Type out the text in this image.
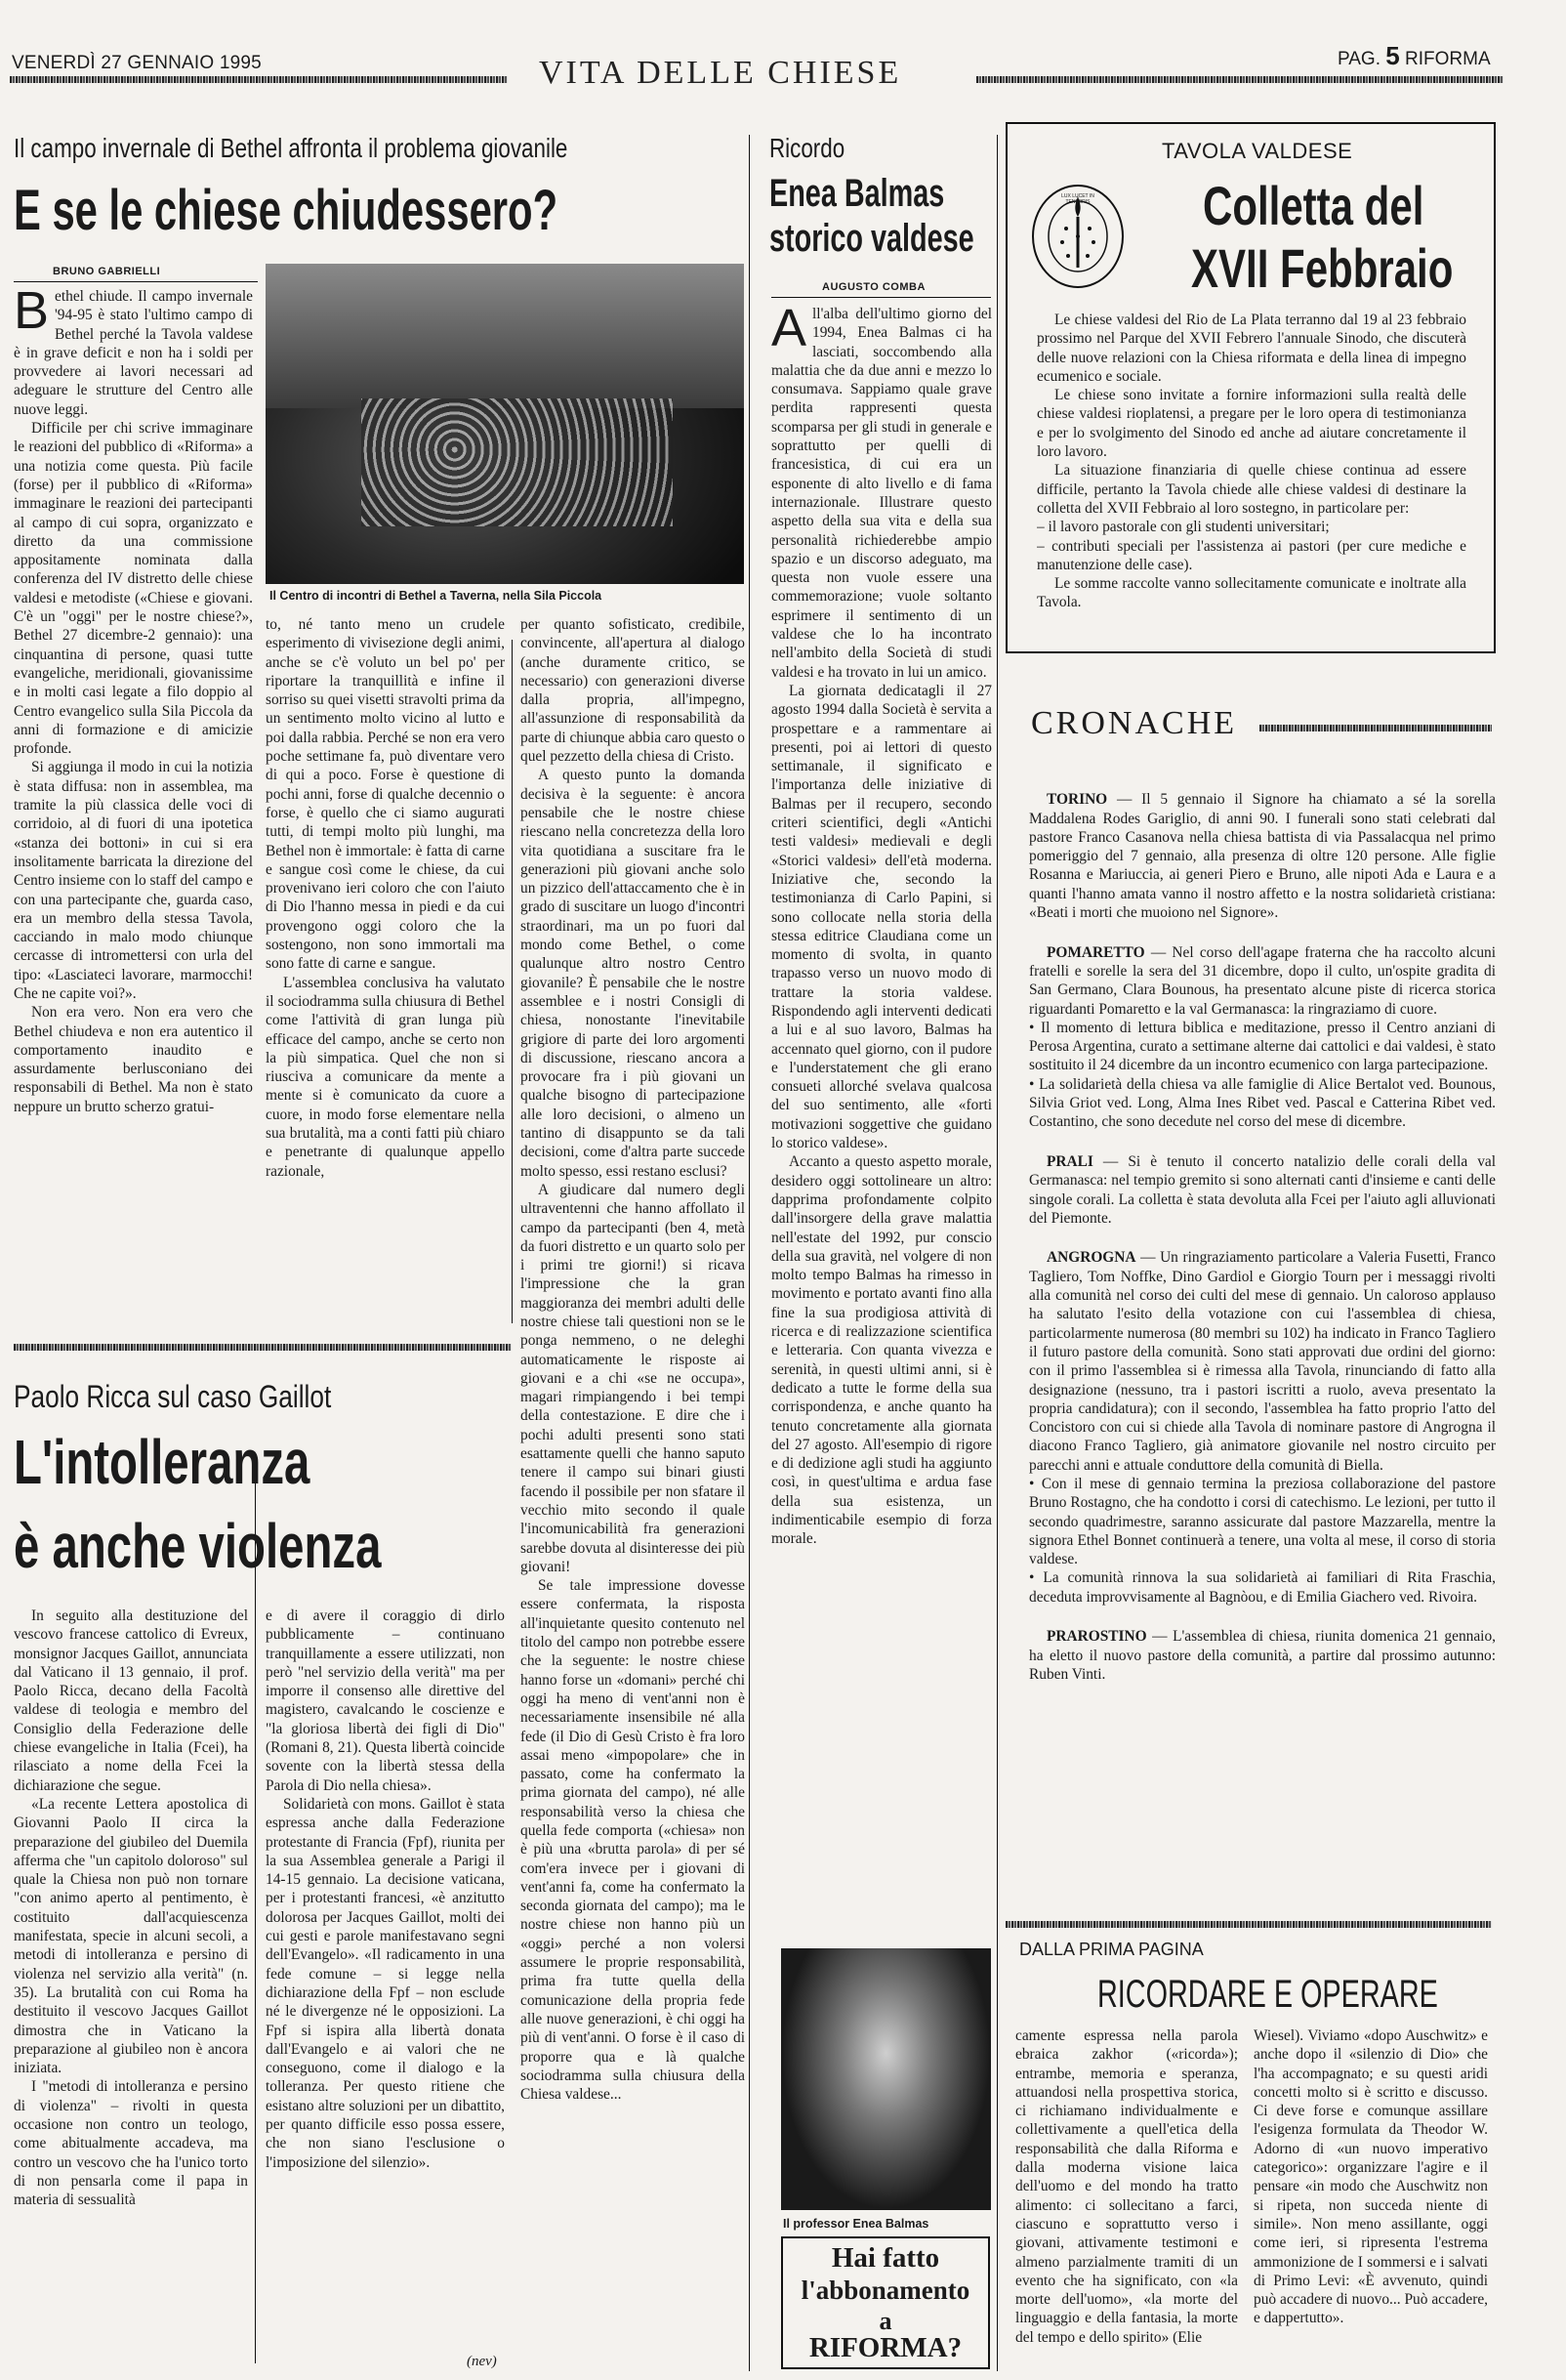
VENERDÌ 27 GENNAIO 1995	VITA DELLE CHIESE	PAG. 5 RIFORMA
Il campo invernale di Bethel affronta il problema giovanile
E se le chiese chiudessero?
BRUNO GABRIELLI
B ethel chiude. Il campo invernale '94-95 è stato l'ultimo campo di Bethel perché la Tavola valdese è in grave deficit e non ha i soldi per provvedere ai lavori necessari ad adeguare le strutture del Centro alle nuove leggi.

Difficile per chi scrive immaginare le reazioni del pubblico di «Riforma» a una notizia come questa. Più facile (forse) per il pubblico di «Riforma» immaginare le reazioni dei partecipanti al campo di cui sopra, organizzato e diretto da una commissione appositamente nominata dalla conferenza del IV distretto delle chiese valdesi e metodiste («Chiese e giovani. C'è un "oggi" per le nostre chiese?», Bethel 27 dicembre-2 gennaio): una cinquantina di persone, quasi tutte evangeliche, meridionali, giovanissime e in molti casi legate a filo doppio al Centro evangelico sulla Sila Piccola da anni di formazione e di amicizie profonde.

Si aggiunga il modo in cui la notizia è stata diffusa: non in assemblea, ma tramite la più classica delle voci di corridoio, al di fuori di una ipotetica «stanza dei bottoni» in cui si era insolitamente barricata la direzione del Centro insieme con lo staff del campo e con una partecipante che, guarda caso, era un membro della stessa Tavola, cacciando in malo modo chiunque cercasse di intromettersi con urla del tipo: «Lasciateci lavorare, marmocchi! Che ne capite voi?».

Non era vero. Non era vero che Bethel chiudeva e non era autentico il comportamento inaudito e assurdamente berlusconiano dei responsabili di Bethel. Ma non è stato neppure un brutto scherzo gratui-

Il Centro di incontri di Bethel a Taverna, nella Sila Piccola

to, né tanto meno un crudele esperimento di vivisezione degli animi, anche se c'è voluto un bel po' per riportare la tranquillità e infine il sorriso su quei visetti stravolti prima da un sentimento molto vicino al lutto e poi dalla rabbia. Perché se non era vero poche settimane fa, può diventare vero di qui a poco. Forse è questione di pochi anni, forse di qualche decennio o forse, è quello che ci siamo augurati tutti, di tempi molto più lunghi, ma Bethel non è immortale: è fatta di carne e sangue così come le chiese, da cui provenivano ieri coloro che con l'aiuto di Dio l'hanno messa in piedi e da cui provengono oggi coloro che la sostengono, non sono immortali ma sono fatte di carne e sangue.

L'assemblea conclusiva ha valutato il sociodramma sulla chiusura di Bethel come l'attività di gran lunga più efficace del campo, anche se certo non la più simpatica. Quel che non si riusciva a comunicare da mente a mente si è comunicato da cuore a cuore, in modo forse elementare nella sua brutalità, ma a conti fatti più chiaro e penetrante di qualunque appello razionale,

per quanto sofisticato, credibile, convincente, all'apertura al dialogo (anche duramente critico, se necessario) con generazioni diverse dalla propria, all'impegno, all'assunzione di responsabilità da parte di chiunque abbia caro questo o quel pezzetto della chiesa di Cristo.

A questo punto la domanda decisiva è la seguente: è ancora pensabile che le nostre chiese riescano nella concretezza della loro vita quotidiana a suscitare fra le generazioni più giovani anche solo un pizzico dell'attaccamento che è in grado di suscitare un luogo d'incontri straordinari, ma un po fuori dal mondo come Bethel, o come qualunque altro nostro Centro giovanile? È pensabile che le nostre assemblee e i nostri Consigli di chiesa, nonostante l'inevitabile grigiore di parte dei loro argomenti di discussione, riescano ancora a provocare fra i più giovani un qualche bisogno di partecipazione alle loro decisioni, o almeno un tantino di disappunto se da tali decisioni, come d'altra parte succede molto spesso, essi restano esclusi?

A giudicare dal numero degli ultraventenni che hanno affollato il campo da partecipanti (ben 4, metà da fuori distretto e un quarto solo per i primi tre giorni!) si ricava l'impressione che la gran maggioranza dei membri adulti delle nostre chiese tali questioni non se le ponga nemmeno, o ne deleghi automaticamente le risposte ai giovani e a chi «se ne occupa», magari rimpiangendo i bei tempi della contestazione. E dire che i pochi adulti presenti sono stati esattamente quelli che hanno saputo tenere il campo sui binari giusti facendo il possibile per non sfatare il vecchio mito secondo il quale l'incomunicabilità fra generazioni sarebbe dovuta al disinteresse dei più giovani!

Se tale impressione dovesse essere confermata, la risposta all'inquietante quesito contenuto nel titolo del campo non potrebbe essere che la seguente: le nostre chiese hanno forse un «domani» perché chi oggi ha meno di vent'anni non è necessariamente insensibile né alla fede (il Dio di Gesù Cristo è fra loro assai meno «impopolare» che in passato, come ha confermato la prima giornata del campo), né alle responsabilità verso la chiesa che quella fede comporta («chiesa» non è più una «brutta parola» di per sé com'era invece per i giovani di vent'anni fa, come ha confermato la seconda giornata del campo); ma le nostre chiese non hanno più un «oggi» perché a non volersi assumere le proprie responsabilità, prima fra tutte quella della comunicazione della propria fede alle nuove generazioni, è chi oggi ha più di vent'anni. O forse è il caso di proporre qua e là qualche sociodramma sulla chiusura della Chiesa valdese...

Paolo Ricca sul caso Gaillot
L'intolleranza
è anche violenza

In seguito alla destituzione del vescovo francese cattolico di Evreux, monsignor Jacques Gaillot, annunciata dal Vaticano il 13 gennaio, il prof. Paolo Ricca, decano della Facoltà valdese di teologia e membro del Consiglio della Federazione delle chiese evangeliche in Italia (Fcei), ha rilasciato a nome della Fcei la dichiarazione che segue.

«La recente Lettera apostolica di Giovanni Paolo II circa la preparazione del giubileo del Duemila afferma che "un capitolo doloroso" sul quale la Chiesa non può non tornare "con animo aperto al pentimento, è costituito dall'acquiescenza manifestata, specie in alcuni secoli, a metodi di intolleranza e persino di violenza nel servizio alla verità" (n. 35). La brutalità con cui Roma ha destituito il vescovo Jacques Gaillot dimostra che in Vaticano la preparazione al giubileo non è ancora iniziata.

I "metodi di intolleranza e persino di violenza" – rivolti in questa occasione non contro un teologo, come abitualmente accadeva, ma contro un vescovo che ha l'unico torto di non pensarla come il papa in materia di sessualità

e di avere il coraggio di dirlo pubblicamente – continuano tranquillamente a essere utilizzati, non però "nel servizio della verità" ma per imporre il consenso alle direttive del magistero, cavalcando le coscienze e "la gloriosa libertà dei figli di Dio" (Romani 8, 21). Questa libertà coincide sovente con la libertà stessa della Parola di Dio nella chiesa».

Solidarietà con mons. Gaillot è stata espressa anche dalla Federazione protestante di Francia (Fpf), riunita per la sua Assemblea generale a Parigi il 14-15 gennaio. La decisione vaticana, per i protestanti francesi, «è anzitutto dolorosa per Jacques Gaillot, molti dei cui gesti e parole manifestavano segni dell'Evangelo». «Il radicamento in una fede comune – si legge nella dichiarazione della Fpf – non esclude né le divergenze né le opposizioni. La Fpf si ispira alla libertà donata dall'Evangelo e ai valori che ne conseguono, come il dialogo e la tolleranza. Per questo ritiene che esistano altre soluzioni per un dibattito, per quanto difficile esso possa essere, che non siano l'esclusione o l'imposizione del silenzio».

(nev)
Ricordo
Enea Balmas
storico valdese
AUGUSTO COMBA
A ll'alba dell'ultimo giorno del 1994, Enea Balmas ci ha lasciati, soccombendo alla malattia che da due anni e mezzo lo consumava. Sappiamo quale grave perdita rappresenti questa scomparsa per gli studi in generale e soprattutto per quelli di francesistica, di cui era un esponente di alto livello e di fama internazionale. Illustrare questo aspetto della sua vita e della sua personalità richiederebbe ampio spazio e un discorso adeguato, ma questa non vuole essere una commemorazione; vuole soltanto esprimere il sentimento di un valdese che lo ha incontrato nell'ambito della Società di studi valdesi e ha trovato in lui un amico.

La giornata dedicatagli il 27 agosto 1994 dalla Società è servita a prospettare e a rammentare ai presenti, poi ai lettori di questo settimanale, il significato e l'importanza delle iniziative di Balmas per il recupero, secondo criteri scientifici, degli «Antichi testi valdesi» medievali e degli «Storici valdesi» dell'età moderna. Iniziative che, secondo la testimonianza di Carlo Papini, si sono collocate nella storia della stessa editrice Claudiana come un momento di svolta, in quanto trapasso verso un nuovo modo di trattare la storia valdese. Rispondendo agli interventi dedicati a lui e al suo lavoro, Balmas ha accennato quel giorno, con il pudore e l'understatement che gli erano consueti allorché svelava qualcosa del suo sentimento, alle «forti motivazioni soggettive che guidano lo storico valdese».

Accanto a questo aspetto morale, desidero oggi sottolineare un altro: dapprima profondamente colpito dall'insorgere della grave malattia nell'estate del 1992, pur conscio della sua gravità, nel volgere di non molto tempo Balmas ha rimesso in movimento e portato avanti fino alla fine la sua prodigiosa attività di ricerca e di realizzazione scientifica e letteraria. Con quanta vivezza e serenità, in questi ultimi anni, si è dedicato a tutte le forme della sua corrispondenza, e anche quanto ha tenuto concretamente alla giornata del 27 agosto. All'esempio di rigore e di dedizione agli studi ha aggiunto così, in quest'ultima e ardua fase della sua esistenza, un indimenticabile esempio di forza morale.

Il professor Enea Balmas
Hai fatto
l'abbonamento
a
RIFORMA?
TAVOLA VALDESE
LUX LUCET IN TENEBRIS Colletta del
XVII Febbraio

Le chiese valdesi del Rio de La Plata terranno dal 19 al 23 febbraio prossimo nel Parque del XVII Febrero l'annuale Sinodo, che discuterà delle nuove relazioni con la Chiesa riformata e della linea di impegno ecumenico e sociale.

Le chiese sono invitate a fornire informazioni sulla realtà delle chiese valdesi rioplatensi, a pregare per le loro opera di testimonianza e per lo svolgimento del Sinodo ed anche ad aiutare concretamente il loro lavoro.

La situazione finanziaria di quelle chiese continua ad essere difficile, pertanto la Tavola chiede alle chiese valdesi di destinare la colletta del XVII Febbraio al loro sostegno, in particolare per:

– il lavoro pastorale con gli studenti universitari;

– contributi speciali per l'assistenza ai pastori (per cure mediche e manutenzione delle case).

Le somme raccolte vanno sollecitamente comunicate e inoltrate alla Tavola.

CRONACHE

TORINO — Il 5 gennaio il Signore ha chiamato a sé la sorella Maddalena Rodes Gariglio, di anni 90. I funerali sono stati celebrati dal pastore Franco Casanova nella chiesa battista di via Passalacqua nel primo pomeriggio del 7 gennaio, alla presenza di oltre 120 persone. Alle figlie Rosanna e Mariuccia, ai generi Piero e Bruno, alle nipoti Ada e Laura e a quanti l'hanno amata vanno il nostro affetto e la nostra solidarietà cristiana: «Beati i morti che muoiono nel Signore».

POMARETTO — Nel corso dell'agape fraterna che ha raccolto alcuni fratelli e sorelle la sera del 31 dicembre, dopo il culto, un'ospite gradita di San Germano, Clara Bounous, ha presentato alcune piste di ricerca storica riguardanti Pomaretto e la val Germanasca: la ringraziamo di cuore.
• Il momento di lettura biblica e meditazione, presso il Centro anziani di Perosa Argentina, curato a settimane alterne dai cattolici e dai valdesi, è stato sostituito il 24 dicembre da un incontro ecumenico con larga partecipazione.
• La solidarietà della chiesa va alle famiglie di Alice Bertalot ved. Bounous, Silvia Griot ved. Long, Alma Ines Ribet ved. Pascal e Catterina Ribet ved. Costantino, che sono decedute nel corso del mese di dicembre.

PRALI — Si è tenuto il concerto natalizio delle corali della val Germanasca: nel tempio gremito si sono alternati canti d'insieme e canti delle singole corali. La colletta è stata devoluta alla Fcei per l'aiuto agli alluvionati del Piemonte.

ANGROGNA — Un ringraziamento particolare a Valeria Fusetti, Franco Tagliero, Tom Noffke, Dino Gardiol e Giorgio Tourn per i messaggi rivolti alla comunità nel corso dei culti del mese di gennaio. Un caloroso applauso ha salutato l'esito della votazione con cui l'assemblea di chiesa, particolarmente numerosa (80 membri su 102) ha indicato in Franco Tagliero il futuro pastore della comunità. Sono stati approvati due ordini del giorno: con il primo l'assemblea si è rimessa alla Tavola, rinunciando di fatto alla designazione (nessuno, tra i pastori iscritti a ruolo, aveva presentato la propria candidatura); con il secondo, l'assemblea ha fatto proprio l'atto del Concistoro con cui si chiede alla Tavola di nominare pastore di Angrogna il diacono Franco Tagliero, già animatore giovanile nel nostro circuito per parecchi anni e attuale conduttore della comunità di Biella.
• Con il mese di gennaio termina la preziosa collaborazione del pastore Bruno Rostagno, che ha condotto i corsi di catechismo. Le lezioni, per tutto il secondo quadrimestre, saranno assicurate dal pastore Mazzarella, mentre la signora Ethel Bonnet continuerà a tenere, una volta al mese, il corso di storia valdese.
• La comunità rinnova la sua solidarietà ai familiari di Rita Fraschia, deceduta improvvisamente al Bagnòou, e di Emilia Giachero ved. Rivoira.

PRAROSTINO — L'assemblea di chiesa, riunita domenica 21 gennaio, ha eletto il nuovo pastore della comunità, a partire dal prossimo autunno: Ruben Vinti.

DALLA PRIMA PAGINA
RICORDARE E OPERARE

camente espressa nella parola ebraica zakhor («ricorda»); entrambe, memoria e speranza, attuandosi nella prospettiva storica, ci richiamano individualmente e collettivamente a quell'etica della responsabilità che dalla Riforma e dalla moderna visione laica dell'uomo e del mondo ha tratto alimento: ci sollecitano a farci, ciascuno e soprattutto verso i giovani, attivamente testimoni e almeno parzialmente tramiti di un evento che ha significato, con «la morte dell'uomo», «la morte del linguaggio e della fantasia, la morte del tempo e dello spirito» (Elie

Wiesel). Viviamo «dopo Auschwitz» e anche dopo il «silenzio di Dio» che l'ha accompagnato; e su questi aridi concetti molto si è scritto e discusso. Ci deve forse e comunque assillare l'esigenza formulata da Theodor W. Adorno di «un nuovo imperativo categorico»: organizzare l'agire e il pensare «in modo che Auschwitz non si ripeta, non succeda niente di simile». Non meno assillante, oggi come ieri, si ripresenta l'estrema ammonizione de I sommersi e i salvati di Primo Levi: «È avvenuto, quindi può accadere di nuovo... Può accadere, e dappertutto».
